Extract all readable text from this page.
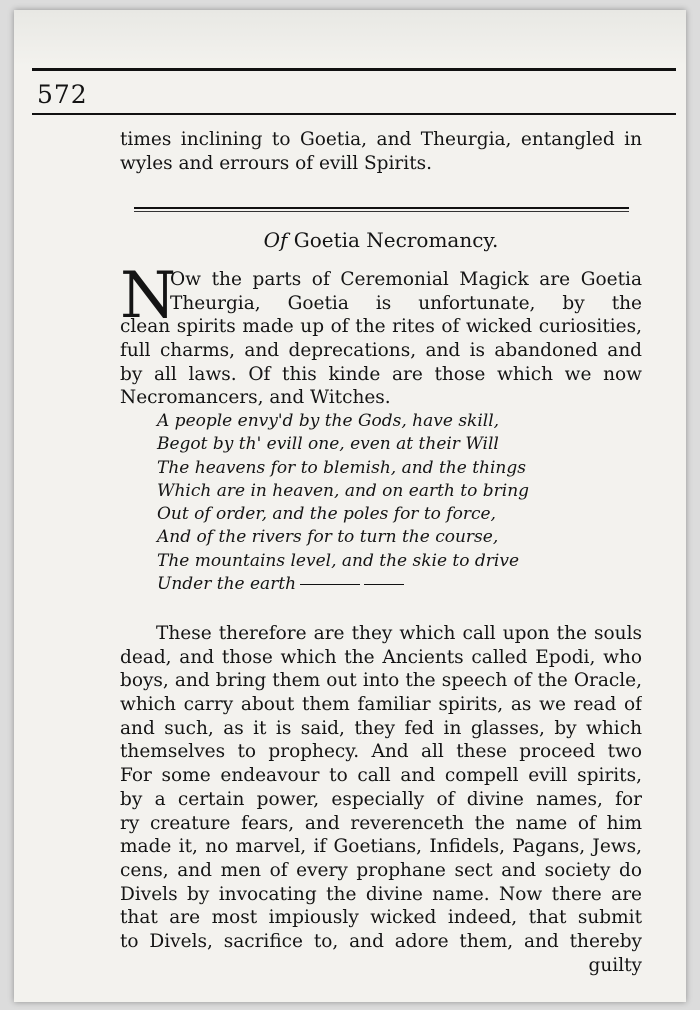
572
times inclining to Goetia, and Theurgia, entangled in
wyles and errours of evill Spirits.
Of Goetia Necromancy.
N
Ow the parts of Ceremonial Magick are Goetia
Theurgia, Goetia is unfortunate, by the
clean spirits made up of the rites of wicked curiosities,
full charms, and deprecations, and is abandoned and
by all laws. Of this kinde are those which we now
Necromancers, and Witches.
A people envy'd by the Gods, have skill,
Begot by th' evill one, even at their Will
The heavens for to blemish, and the things
Which are in heaven, and on earth to bring
Out of order, and the poles for to force,
And of the rivers for to turn the course,
The mountains level, and the skie to drive
Under the earth
These therefore are they which call upon the souls
dead, and those which the Ancients called Epodi, who
boys, and bring them out into the speech of the Oracle,
which carry about them familiar spirits, as we read of
and such, as it is said, they fed in glasses, by which
themselves to prophecy. And all these proceed two
For some endeavour to call and compell evill spirits,
by a certain power, especially of divine names, for
ry creature fears, and reverenceth the name of him
made it, no marvel, if Goetians, Infidels, Pagans, Jews,
cens, and men of every prophane sect and society do
Divels by invocating the divine name. Now there are
that are most impiously wicked indeed, that submit
to Divels, sacrifice to, and adore them, and thereby
guilty
